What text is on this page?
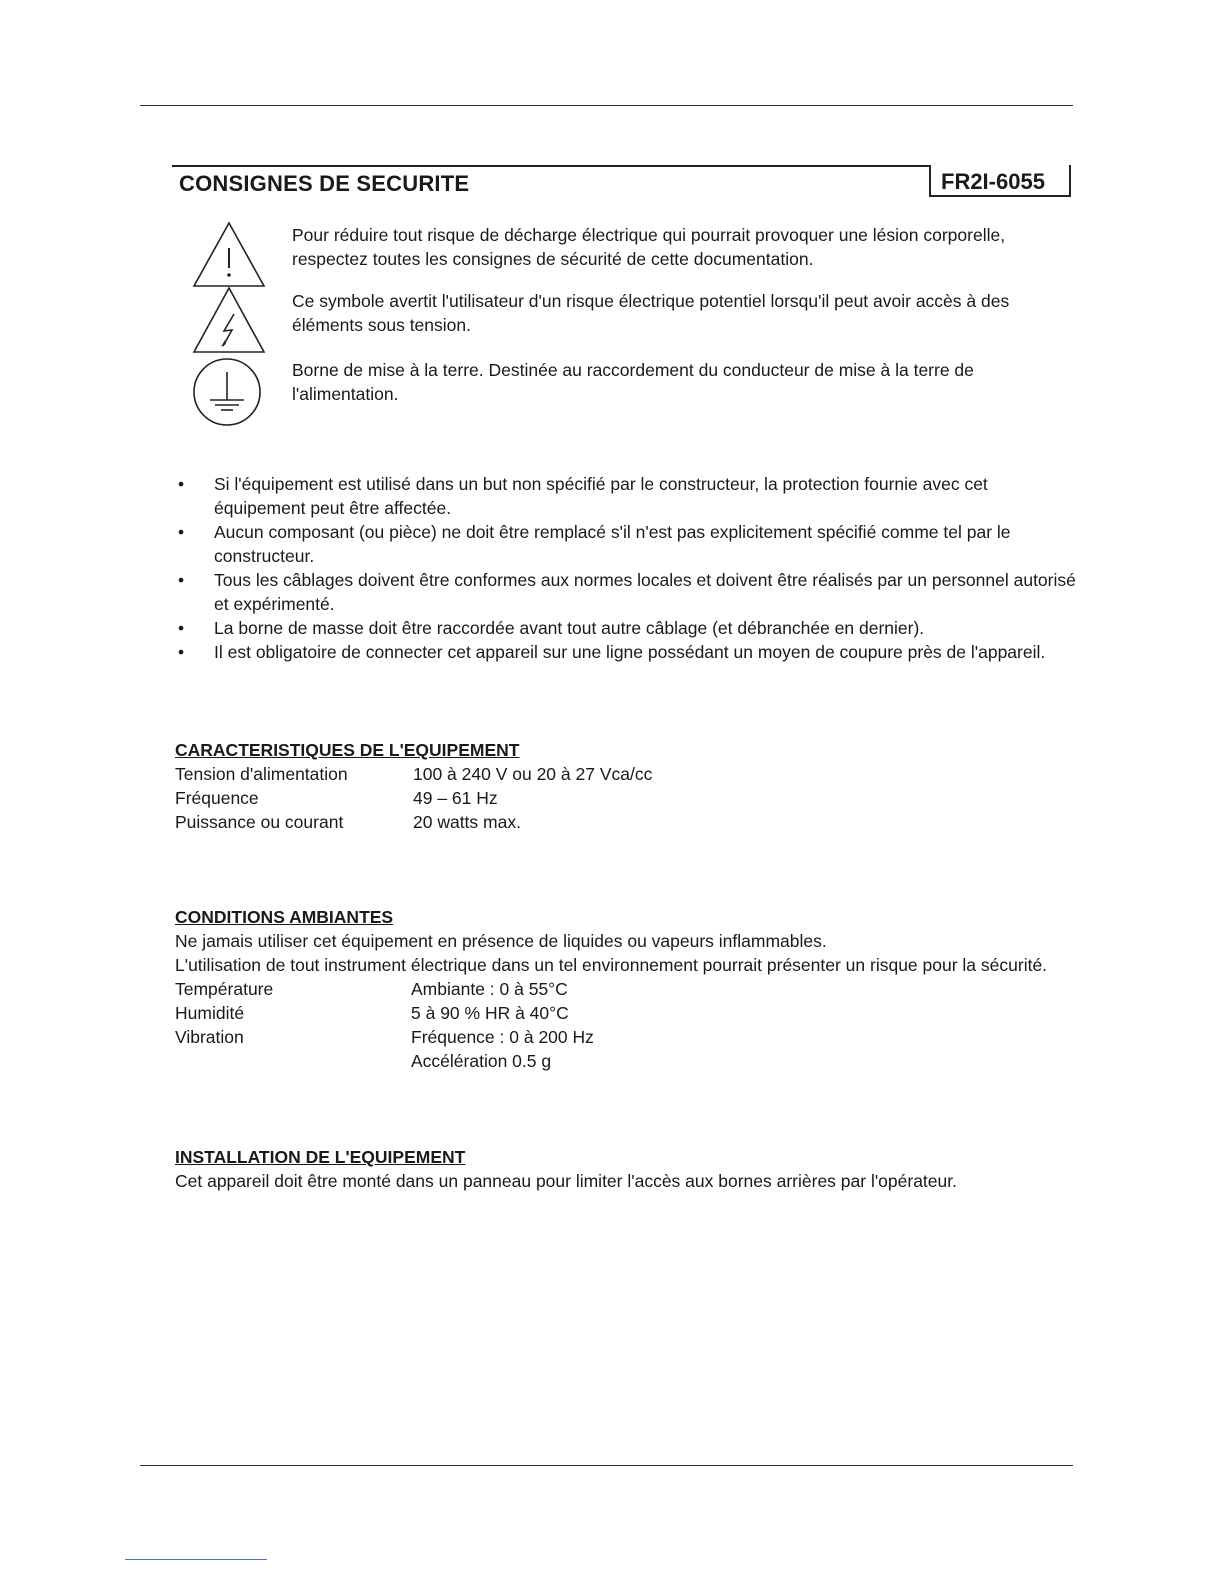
CONSIGNES DE SECURITE	FR2I-6055

Pour réduire tout risque de décharge électrique qui pourrait provoquer une lésion corporelle, respectez toutes les consignes de sécurité de cette documentation.

Ce symbole avertit l'utilisateur d'un risque électrique potentiel lorsqu'il peut avoir accès à des éléments sous tension.

Borne de mise à la terre. Destinée au raccordement du conducteur de mise à la terre de l'alimentation.

• Si l'équipement est utilisé dans un but non spécifié par le constructeur, la protection fournie avec cet équipement peut être affectée.
• Aucun composant (ou pièce) ne doit être remplacé s'il n'est pas explicitement spécifié comme tel par le constructeur.
• Tous les câblages doivent être conformes aux normes locales et doivent être réalisés par un personnel autorisé et expérimenté.
• La borne de masse doit être raccordée avant tout autre câblage (et débranchée en dernier).
• Il est obligatoire de connecter cet appareil sur une ligne possédant un moyen de coupure près de l'appareil.
CARACTERISTIQUES DE L'EQUIPEMENT
Tension d'alimentation	100 à 240 V ou 20 à 27 Vca/cc
Fréquence	49 – 61 Hz
Puissance ou courant	20 watts max.
CONDITIONS AMBIANTES

Ne jamais utiliser cet équipement en présence de liquides ou vapeurs inflammables.

L'utilisation de tout instrument électrique dans un tel environnement pourrait présenter un risque pour la sécurité.

Température	Ambiante : 0 à 55°C
Humidité	5 à 90 % HR à 40°C
Vibration	Fréquence : 0 à 200 Hz
Accélération 0.5 g
INSTALLATION DE L'EQUIPEMENT

Cet appareil doit être monté dans un panneau pour limiter l'accès aux bornes arrières par l'opérateur.
